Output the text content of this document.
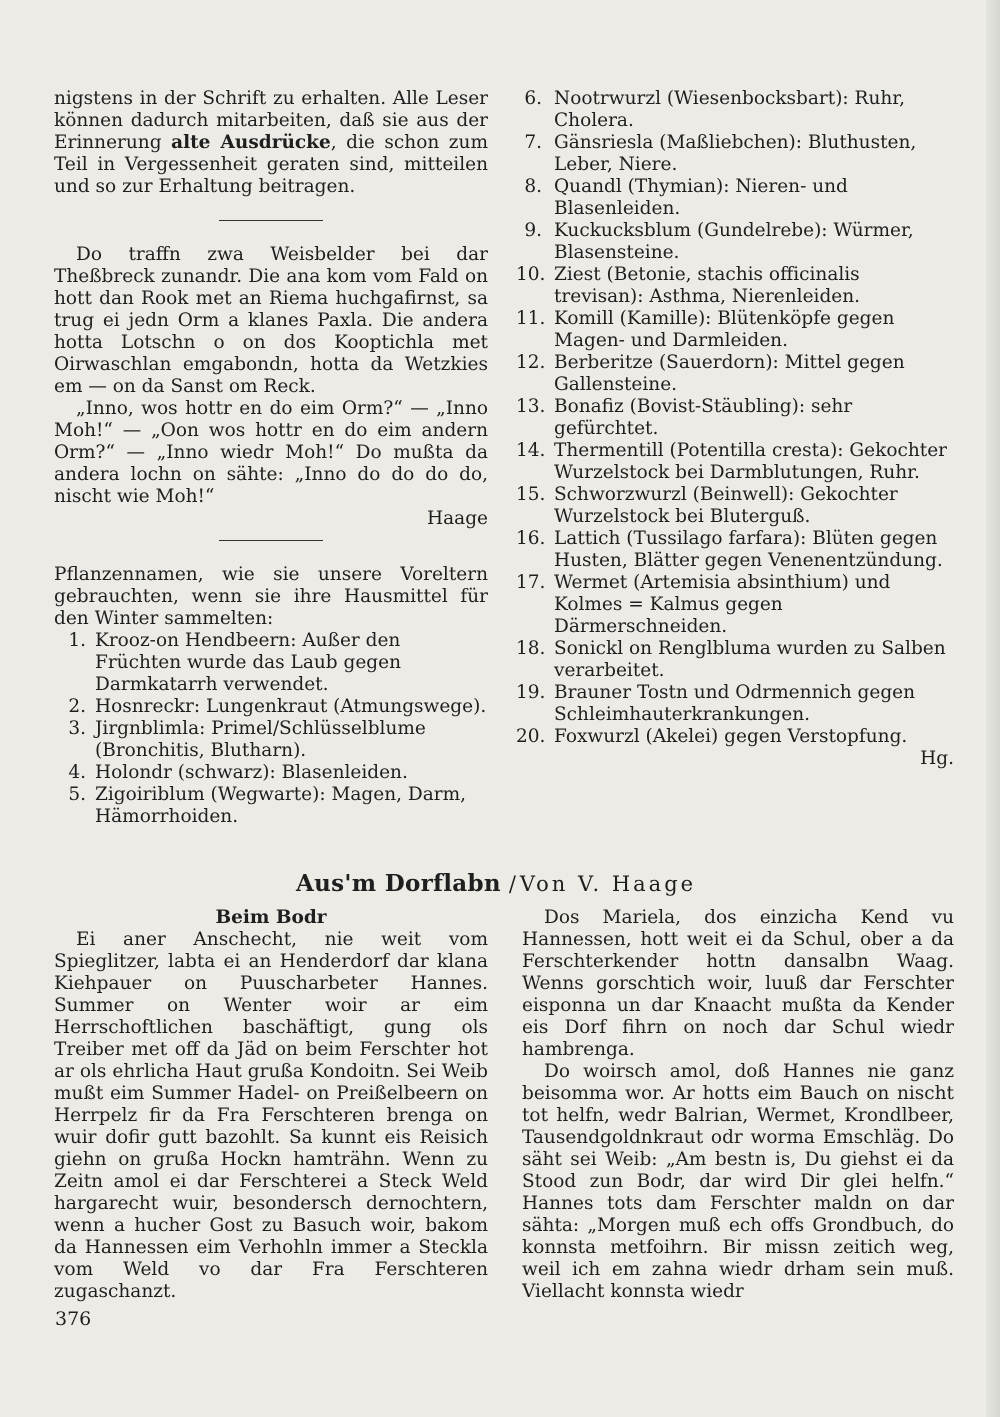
nigstens in der Schrift zu erhalten. Alle Leser können dadurch mitarbeiten, daß sie aus der Erinnerung alte Ausdrücke, die schon zum Teil in Vergessenheit geraten sind, mitteilen und so zur Erhaltung beitragen.

Do traffn zwa Weisbelder bei dar Theßbreck zunandr. Die ana kom vom Fald on hott dan Rook met an Riema huchgafirnst, sa trug ei jedn Orm a klanes Paxla. Die andera hotta Lotschn o on dos Kooptichla met Oirwaschlan emgabondn, hotta da Wetzkies em — on da Sanst om Reck.

„Inno, wos hottr en do eim Orm?“ — „Inno Moh!“ — „Oon wos hottr en do eim andern Orm?“ — „Inno wiedr Moh!“ Do mußta da andera lochn on sähte: „Inno do do do do, nischt wie Moh!“

Haage

Pflanzennamen, wie sie unsere Voreltern gebrauchten, wenn sie ihre Hausmittel für den Winter sammelten:

1. Krooz-on Hendbeern: Außer den Früchten wurde das Laub gegen Darmkatarrh verwendet.
2. Hosnreckr: Lungenkraut (Atmungswege).
3. Jirgnblimla: Primel/Schlüsselblume (Bronchitis, Blutharn).
4. Holondr (schwarz): Blasenleiden.
5. Zigoiriblum (Wegwarte): Magen, Darm, Hämorrhoiden.
6. Nootrwurzl (Wiesenbocksbart): Ruhr, Cholera.
7. Gänsriesla (Maßliebchen): Bluthusten, Leber, Niere.
8. Quandl (Thymian): Nieren- und Blasenleiden.
9. Kuckucksblum (Gundelrebe): Würmer, Blasensteine.
10. Ziest (Betonie, stachis officinalis trevisan): Asthma, Nierenleiden.
11. Komill (Kamille): Blütenköpfe gegen Magen- und Darmleiden.
12. Berberitze (Sauerdorn): Mittel gegen Gallensteine.
13. Bonafiz (Bovist-Stäubling): sehr gefürchtet.
14. Thermentill (Potentilla cresta): Gekochter Wurzelstock bei Darmblutungen, Ruhr.
15. Schworzwurzl (Beinwell): Gekochter Wurzelstock bei Bluterguß.
16. Lattich (Tussilago farfara): Blüten gegen Husten, Blätter gegen Venenentzündung.
17. Wermet (Artemisia absinthium) und Kolmes = Kalmus gegen Därmerschneiden.
18. Sonickl on Renglbluma wurden zu Salben verarbeitet.
19. Brauner Tostn und Odrmennich gegen Schleimhauterkrankungen.
20. Foxwurzl (Akelei) gegen Verstopfung.

Hg.

Aus'm Dorflabn / Von V. Haage

Beim Bodr

Ei aner Anschecht, nie weit vom Spieglitzer, labta ei an Henderdorf dar klana Kiehpauer on Puuscharbeter Hannes. Summer on Wenter woir ar eim Herrschoftlichen baschäftigt, gung ols Treiber met off da Jäd on beim Ferschter hot ar ols ehrlicha Haut grußa Kondoitn. Sei Weib mußt eim Summer Hadel- on Preißelbeern on Herrpelz fir da Fra Ferschteren brenga on wuir dofir gutt bazohlt. Sa kunnt eis Reisich giehn on grußa Hockn hamträhn. Wenn zu Zeitn amol ei dar Ferschterei a Steck Weld hargarecht wuir, besondersch dernochtern, wenn a hucher Gost zu Basuch woir, bakom da Hannessen eim Verhohln immer a Steckla vom Weld vo dar Fra Ferschteren zugaschanzt.

Dos Mariela, dos einzicha Kend vu Hannessen, hott weit ei da Schul, ober a da Ferschterkender hottn dansalbn Waag. Wenns gorschtich woir, luuß dar Ferschter eisponna un dar Knaacht mußta da Kender eis Dorf fihrn on noch dar Schul wiedr hambrenga.

Do woirsch amol, doß Hannes nie ganz beisomma wor. Ar hotts eim Bauch on nischt tot helfn, wedr Balrian, Wermet, Krondlbeer, Tausendgoldnkraut odr worma Emschläg. Do säht sei Weib: „Am bestn is, Du giehst ei da Stood zun Bodr, dar wird Dir glei helfn.“ Hannes tots dam Ferschter maldn on dar sähta: „Morgen muß ech offs Grondbuch, do konnsta metfoihrn. Bir missn zeitich weg, weil ich em zahna wiedr drham sein muß. Viellacht konnsta wiedr

376
